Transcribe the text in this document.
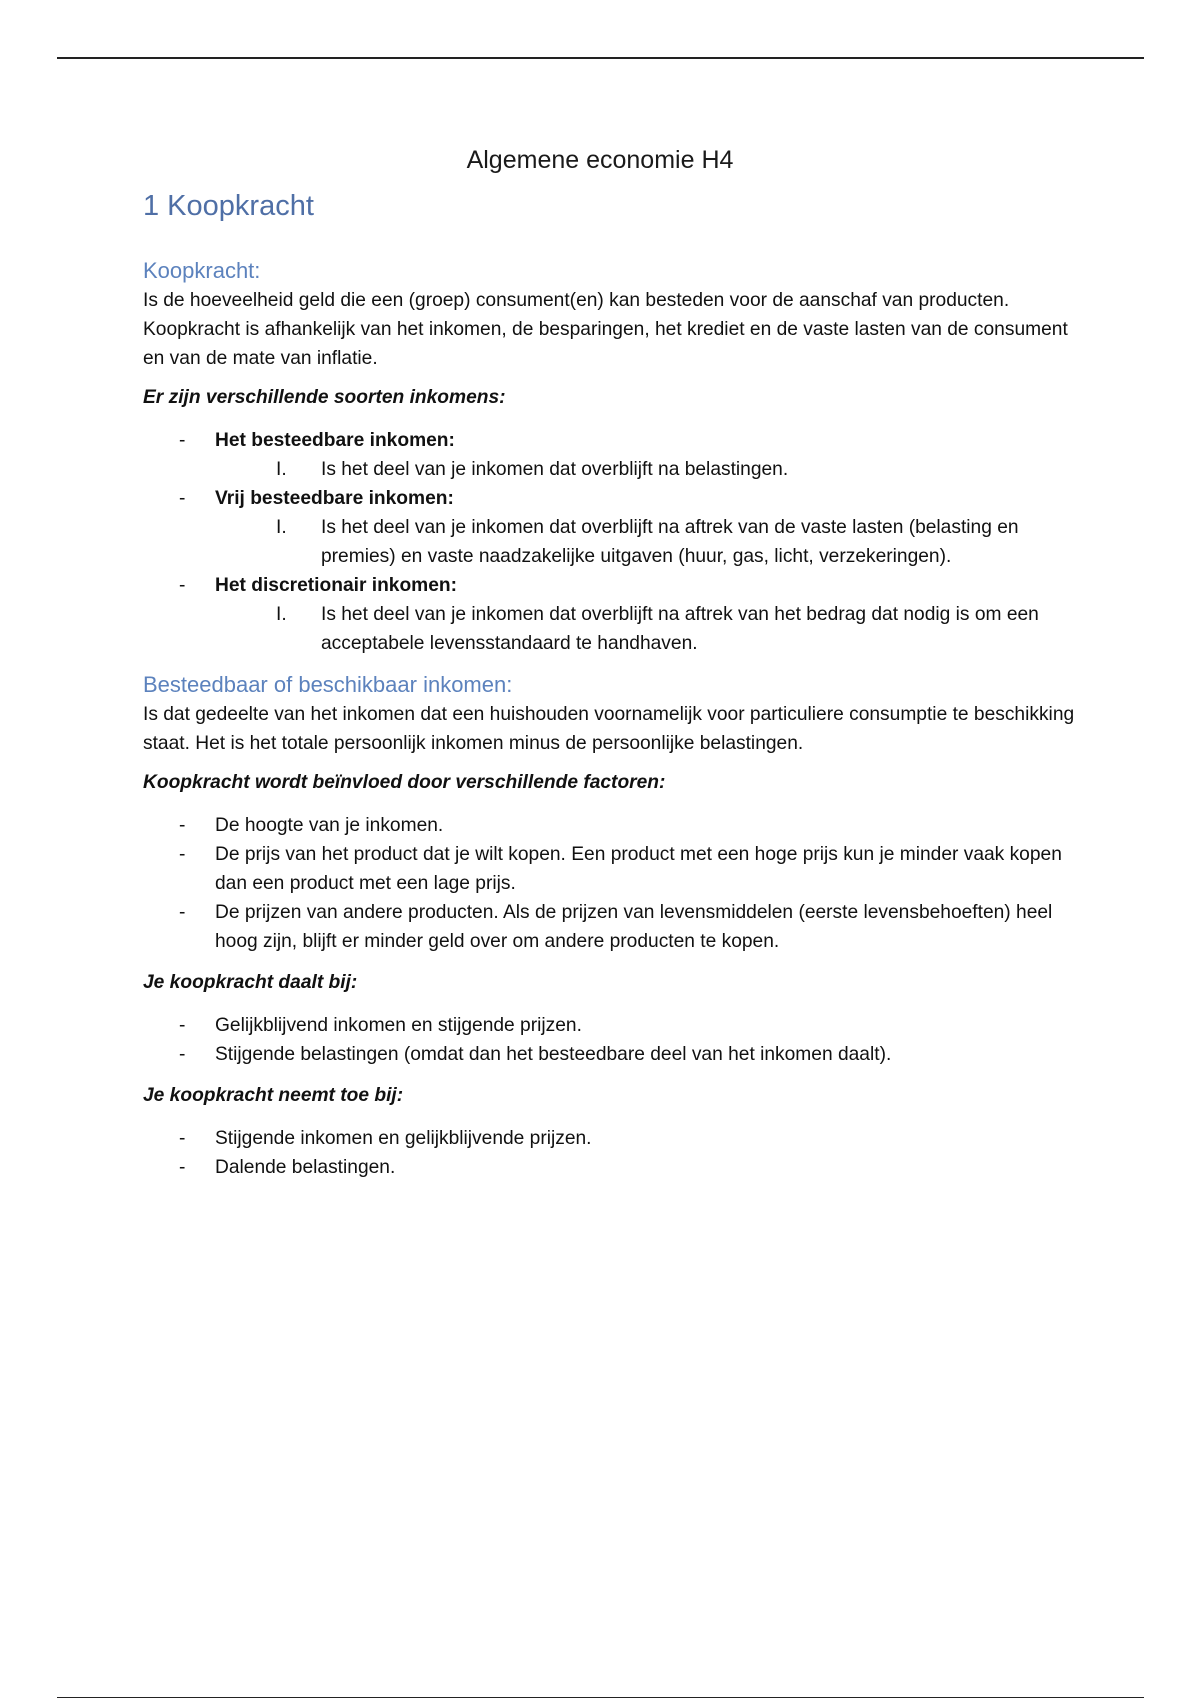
Algemene economie H4
1 Koopkracht
Koopkracht:

Is de hoeveelheid geld die een (groep) consument(en) kan besteden voor de aanschaf van producten. Koopkracht is afhankelijk van het inkomen, de besparingen, het krediet en de vaste lasten van de consument en van de mate van inflatie.

Er zijn verschillende soorten inkomens:

- Het besteedbare inkomen:
I. Is het deel van je inkomen dat overblijft na belastingen.
- Vrij besteedbare inkomen:
I. Is het deel van je inkomen dat overblijft na aftrek van de vaste lasten (belasting en premies) en vaste naadzakelijke uitgaven (huur, gas, licht, verzekeringen).
- Het discretionair inkomen:
I. Is het deel van je inkomen dat overblijft na aftrek van het bedrag dat nodig is om een acceptabele levensstandaard te handhaven.
Besteedbaar of beschikbaar inkomen:

Is dat gedeelte van het inkomen dat een huishouden voornamelijk voor particuliere consumptie te beschikking staat. Het is het totale persoonlijk inkomen minus de persoonlijke belastingen.

Koopkracht wordt beïnvloed door verschillende factoren:

- De hoogte van je inkomen.
- De prijs van het product dat je wilt kopen. Een product met een hoge prijs kun je minder vaak kopen dan een product met een lage prijs.
- De prijzen van andere producten. Als de prijzen van levensmiddelen (eerste levensbehoeften) heel hoog zijn, blijft er minder geld over om andere producten te kopen.

Je koopkracht daalt bij:

- Gelijkblijvend inkomen en stijgende prijzen.
- Stijgende belastingen (omdat dan het besteedbare deel van het inkomen daalt).

Je koopkracht neemt toe bij:

- Stijgende inkomen en gelijkblijvende prijzen.
- Dalende belastingen.
